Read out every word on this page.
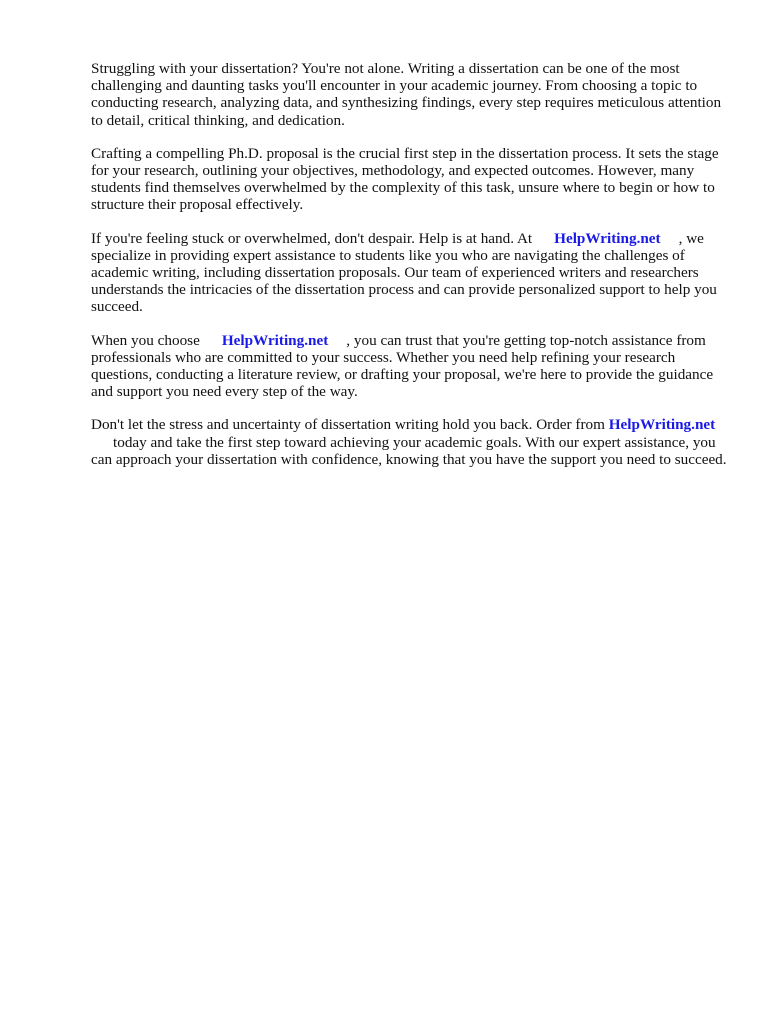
Struggling with your dissertation? You're not alone. Writing a dissertation can be one of the most challenging and daunting tasks you'll encounter in your academic journey. From choosing a topic to conducting research, analyzing data, and synthesizing findings, every step requires meticulous attention to detail, critical thinking, and dedication.

Crafting a compelling Ph.D. proposal is the crucial first step in the dissertation process. It sets the stage for your research, outlining your objectives, methodology, and expected outcomes. However, many students find themselves overwhelmed by the complexity of this task, unsure where to begin or how to structure their proposal effectively.

If you're feeling stuck or overwhelmed, don't despair. Help is at hand. At HelpWriting.net , we specialize in providing expert assistance to students like you who are navigating the challenges of academic writing, including dissertation proposals. Our team of experienced writers and researchers understands the intricacies of the dissertation process and can provide personalized support to help you succeed.

When you choose HelpWriting.net , you can trust that you're getting top-notch assistance from professionals who are committed to your success. Whether you need help refining your research questions, conducting a literature review, or drafting your proposal, we're here to provide the guidance and support you need every step of the way.

Don't let the stress and uncertainty of dissertation writing hold you back. Order from HelpWriting.nettoday and take the first step toward achieving your academic goals. With our expert assistance, you can approach your dissertation with confidence, knowing that you have the support you need to succeed.
